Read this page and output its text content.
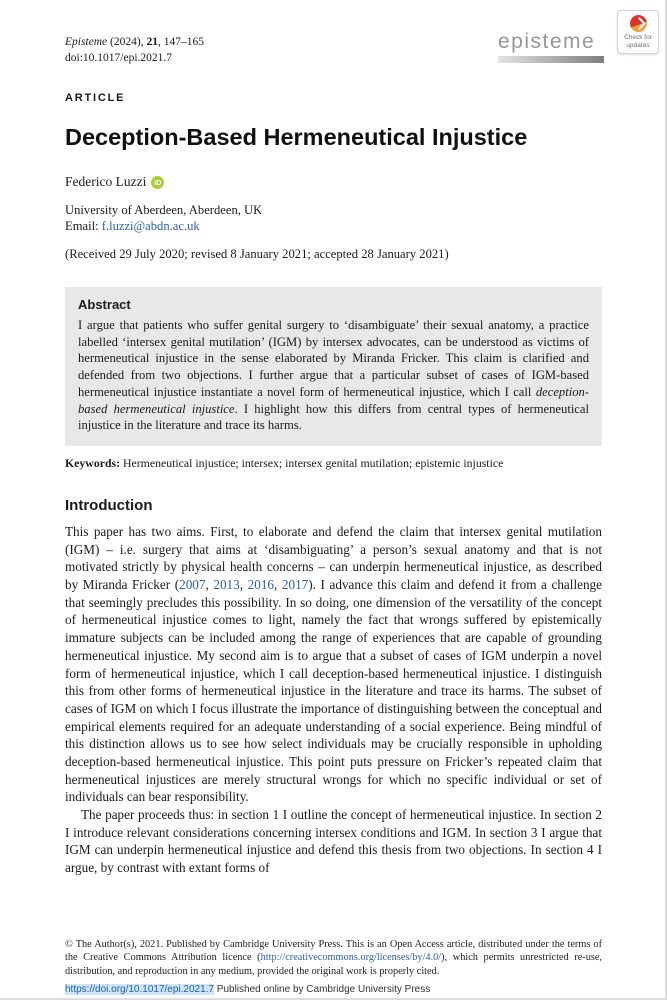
Episteme (2024), 21, 147–165
doi:10.1017/epi.2021.7
episteme	Check for
updates
ARTICLE
Deception-Based Hermeneutical Injustice
Federico Luzzi	iD
University of Aberdeen, Aberdeen, UK
Email: f.luzzi@abdn.ac.uk
(Received 29 July 2020; revised 8 January 2021; accepted 28 January 2021)
Abstract
I argue that patients who suffer genital surgery to ‘disambiguate’ their sexual anatomy, a practice labelled ‘intersex genital mutilation’ (IGM) by intersex advocates, can be understood as victims of hermeneutical injustice in the sense elaborated by Miranda Fricker. This claim is clarified and defended from two objections. I further argue that a particular subset of cases of IGM-based hermeneutical injustice instantiate a novel form of hermeneutical injustice, which I call deception-based hermeneutical injustice. I highlight how this differs from central types of hermeneutical injustice in the literature and trace its harms.
Keywords: Hermeneutical injustice; intersex; intersex genital mutilation; epistemic injustice
Introduction

This paper has two aims. First, to elaborate and defend the claim that intersex genital mutilation (IGM) – i.e. surgery that aims at ‘disambiguating’ a person’s sexual anatomy and that is not motivated strictly by physical health concerns – can underpin hermeneutical injustice, as described by Miranda Fricker (2007, 2013, 2016, 2017). I advance this claim and defend it from a challenge that seemingly precludes this possibility. In so doing, one dimension of the versatility of the concept of hermeneutical injustice comes to light, namely the fact that wrongs suffered by epistemically immature subjects can be included among the range of experiences that are capable of grounding hermeneutical injustice. My second aim is to argue that a subset of cases of IGM underpin a novel form of hermeneutical injustice, which I call deception-based hermeneutical injustice. I distinguish this from other forms of hermeneutical injustice in the literature and trace its harms. The subset of cases of IGM on which I focus illustrate the importance of distinguishing between the conceptual and empirical elements required for an adequate understanding of a social experience. Being mindful of this distinction allows us to see how select individuals may be crucially responsible in upholding deception-based hermeneutical injustice. This point puts pressure on Fricker’s repeated claim that hermeneutical injustices are merely structural wrongs for which no specific individual or set of individuals can bear responsibility.

The paper proceeds thus: in section 1 I outline the concept of hermeneutical injustice. In section 2 I introduce relevant considerations concerning intersex conditions and IGM. In section 3 I argue that IGM can underpin hermeneutical injustice and defend this thesis from two objections. In section 4 I argue, by contrast with extant forms of

© The Author(s), 2021. Published by Cambridge University Press. This is an Open Access article, distributed under the terms of the Creative Commons Attribution licence (http://creativecommons.org/licenses/by/4.0/), which permits unrestricted re-use, distribution, and reproduction in any medium, provided the original work is properly cited.
https://doi.org/10.1017/epi.2021.7 Published online by Cambridge University Press
